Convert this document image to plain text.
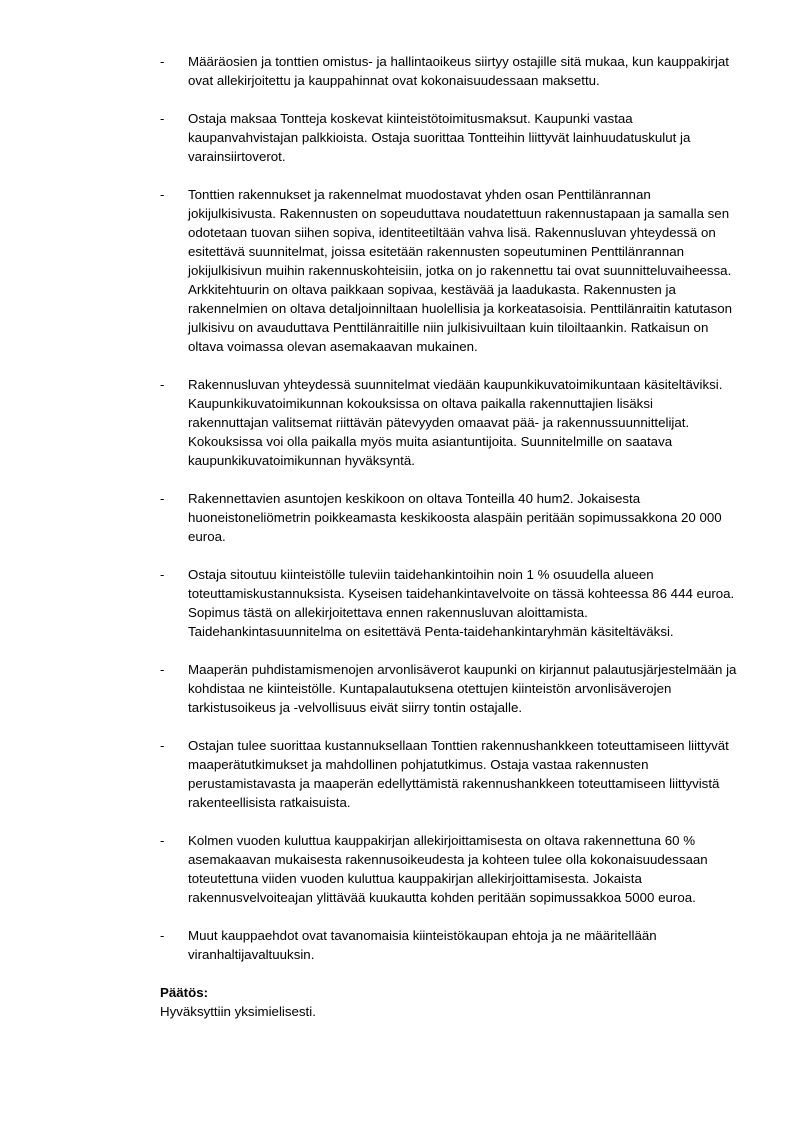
-	Määräosien ja tonttien omistus- ja hallintaoikeus siirtyy ostajille sitä mukaa, kun kauppakirjat ovat allekirjoitettu ja kauppahinnat ovat kokonaisuudessaan maksettu.
-	Ostaja maksaa Tontteja koskevat kiinteistötoimitusmaksut. Kaupunki vastaa kaupanvahvistajan palkkioista. Ostaja suorittaa Tontteihin liittyvät lainhuudatuskulut ja varainsiirtoverot.
-	Tonttien rakennukset ja rakennelmat muodostavat yhden osan Penttilänrannan jokijulkisivusta. Rakennusten on sopeuduttava noudatettuun rakennustapaan ja samalla sen odotetaan tuovan siihen sopiva, identiteetiltään vahva lisä. Rakennusluvan yhteydessä on esitettävä suunnitelmat, joissa esitetään rakennusten sopeutuminen Penttilänrannan jokijulkisivun muihin rakennuskohteisiin, jotka on jo rakennettu tai ovat suunnitteluvaiheessa. Arkkitehtuurin on oltava paikkaan sopivaa, kestävää ja laadukasta. Rakennusten ja rakennelmien on oltava detaljoinniltaan huolellisia ja korkeatasoisia. Penttilänraitin katutason julkisivu on avauduttava Penttilänraitille niin julkisivuiltaan kuin tiloiltaankin. Ratkaisun on oltava voimassa olevan asemakaavan mukainen.
-	Rakennusluvan yhteydessä suunnitelmat viedään kaupunkikuvatoimikuntaan käsiteltäviksi. Kaupunkikuvatoimikunnan kokouksissa on oltava paikalla rakennuttajien lisäksi rakennuttajan valitsemat riittävän pätevyyden omaavat pää- ja rakennussuunnittelijat. Kokouksissa voi olla paikalla myös muita asiantuntijoita. Suunnitelmille on saatava kaupunkikuvatoimikunnan hyväksyntä.
-	Rakennettavien asuntojen keskikoon on oltava Tonteilla 40 hum2. Jokaisesta huoneistoneliömetrin poikkeamasta keskikoosta alaspäin peritään sopimussakkona 20 000 euroa.
-	Ostaja sitoutuu kiinteistölle tuleviin taidehankintoihin noin 1 % osuudella alueen toteuttamiskustannuksista. Kyseisen taidehankintavelvoite on tässä kohteessa 86 444 euroa. Sopimus tästä on allekirjoitettava ennen rakennusluvan aloittamista. Taidehankintasuunnitelma on esitettävä Penta-taidehankintaryhmän käsiteltäväksi.
-	Maaperän puhdistamismenojen arvonlisäverot kaupunki on kirjannut palautusjärjestelmään ja kohdistaa ne kiinteistölle. Kuntapalautuksena otettujen kiinteistön arvonlisäverojen tarkistusoikeus ja -velvollisuus eivät siirry tontin ostajalle.
-	Ostajan tulee suorittaa kustannuksellaan Tonttien rakennushankkeen toteuttamiseen liittyvät maaperätutkimukset ja mahdollinen pohjatutkimus. Ostaja vastaa rakennusten perustamistavasta ja maaperän edellyttämistä rakennushankkeen toteuttamiseen liittyvistä rakenteellisista ratkaisuista.
-	Kolmen vuoden kuluttua kauppakirjan allekirjoittamisesta on oltava rakennettuna 60 % asemakaavan mukaisesta rakennusoikeudesta ja kohteen tulee olla kokonaisuudessaan toteutettuna viiden vuoden kuluttua kauppakirjan allekirjoittamisesta. Jokaista rakennusvelvoiteajan ylittävää kuukautta kohden peritään sopimussakkoa 5000 euroa.
-	Muut kauppaehdot ovat tavanomaisia kiinteistökaupan ehtoja ja ne määritellään viranhaltijavaltuuksin.
Päätös:
Hyväksyttiin yksimielisesti.
